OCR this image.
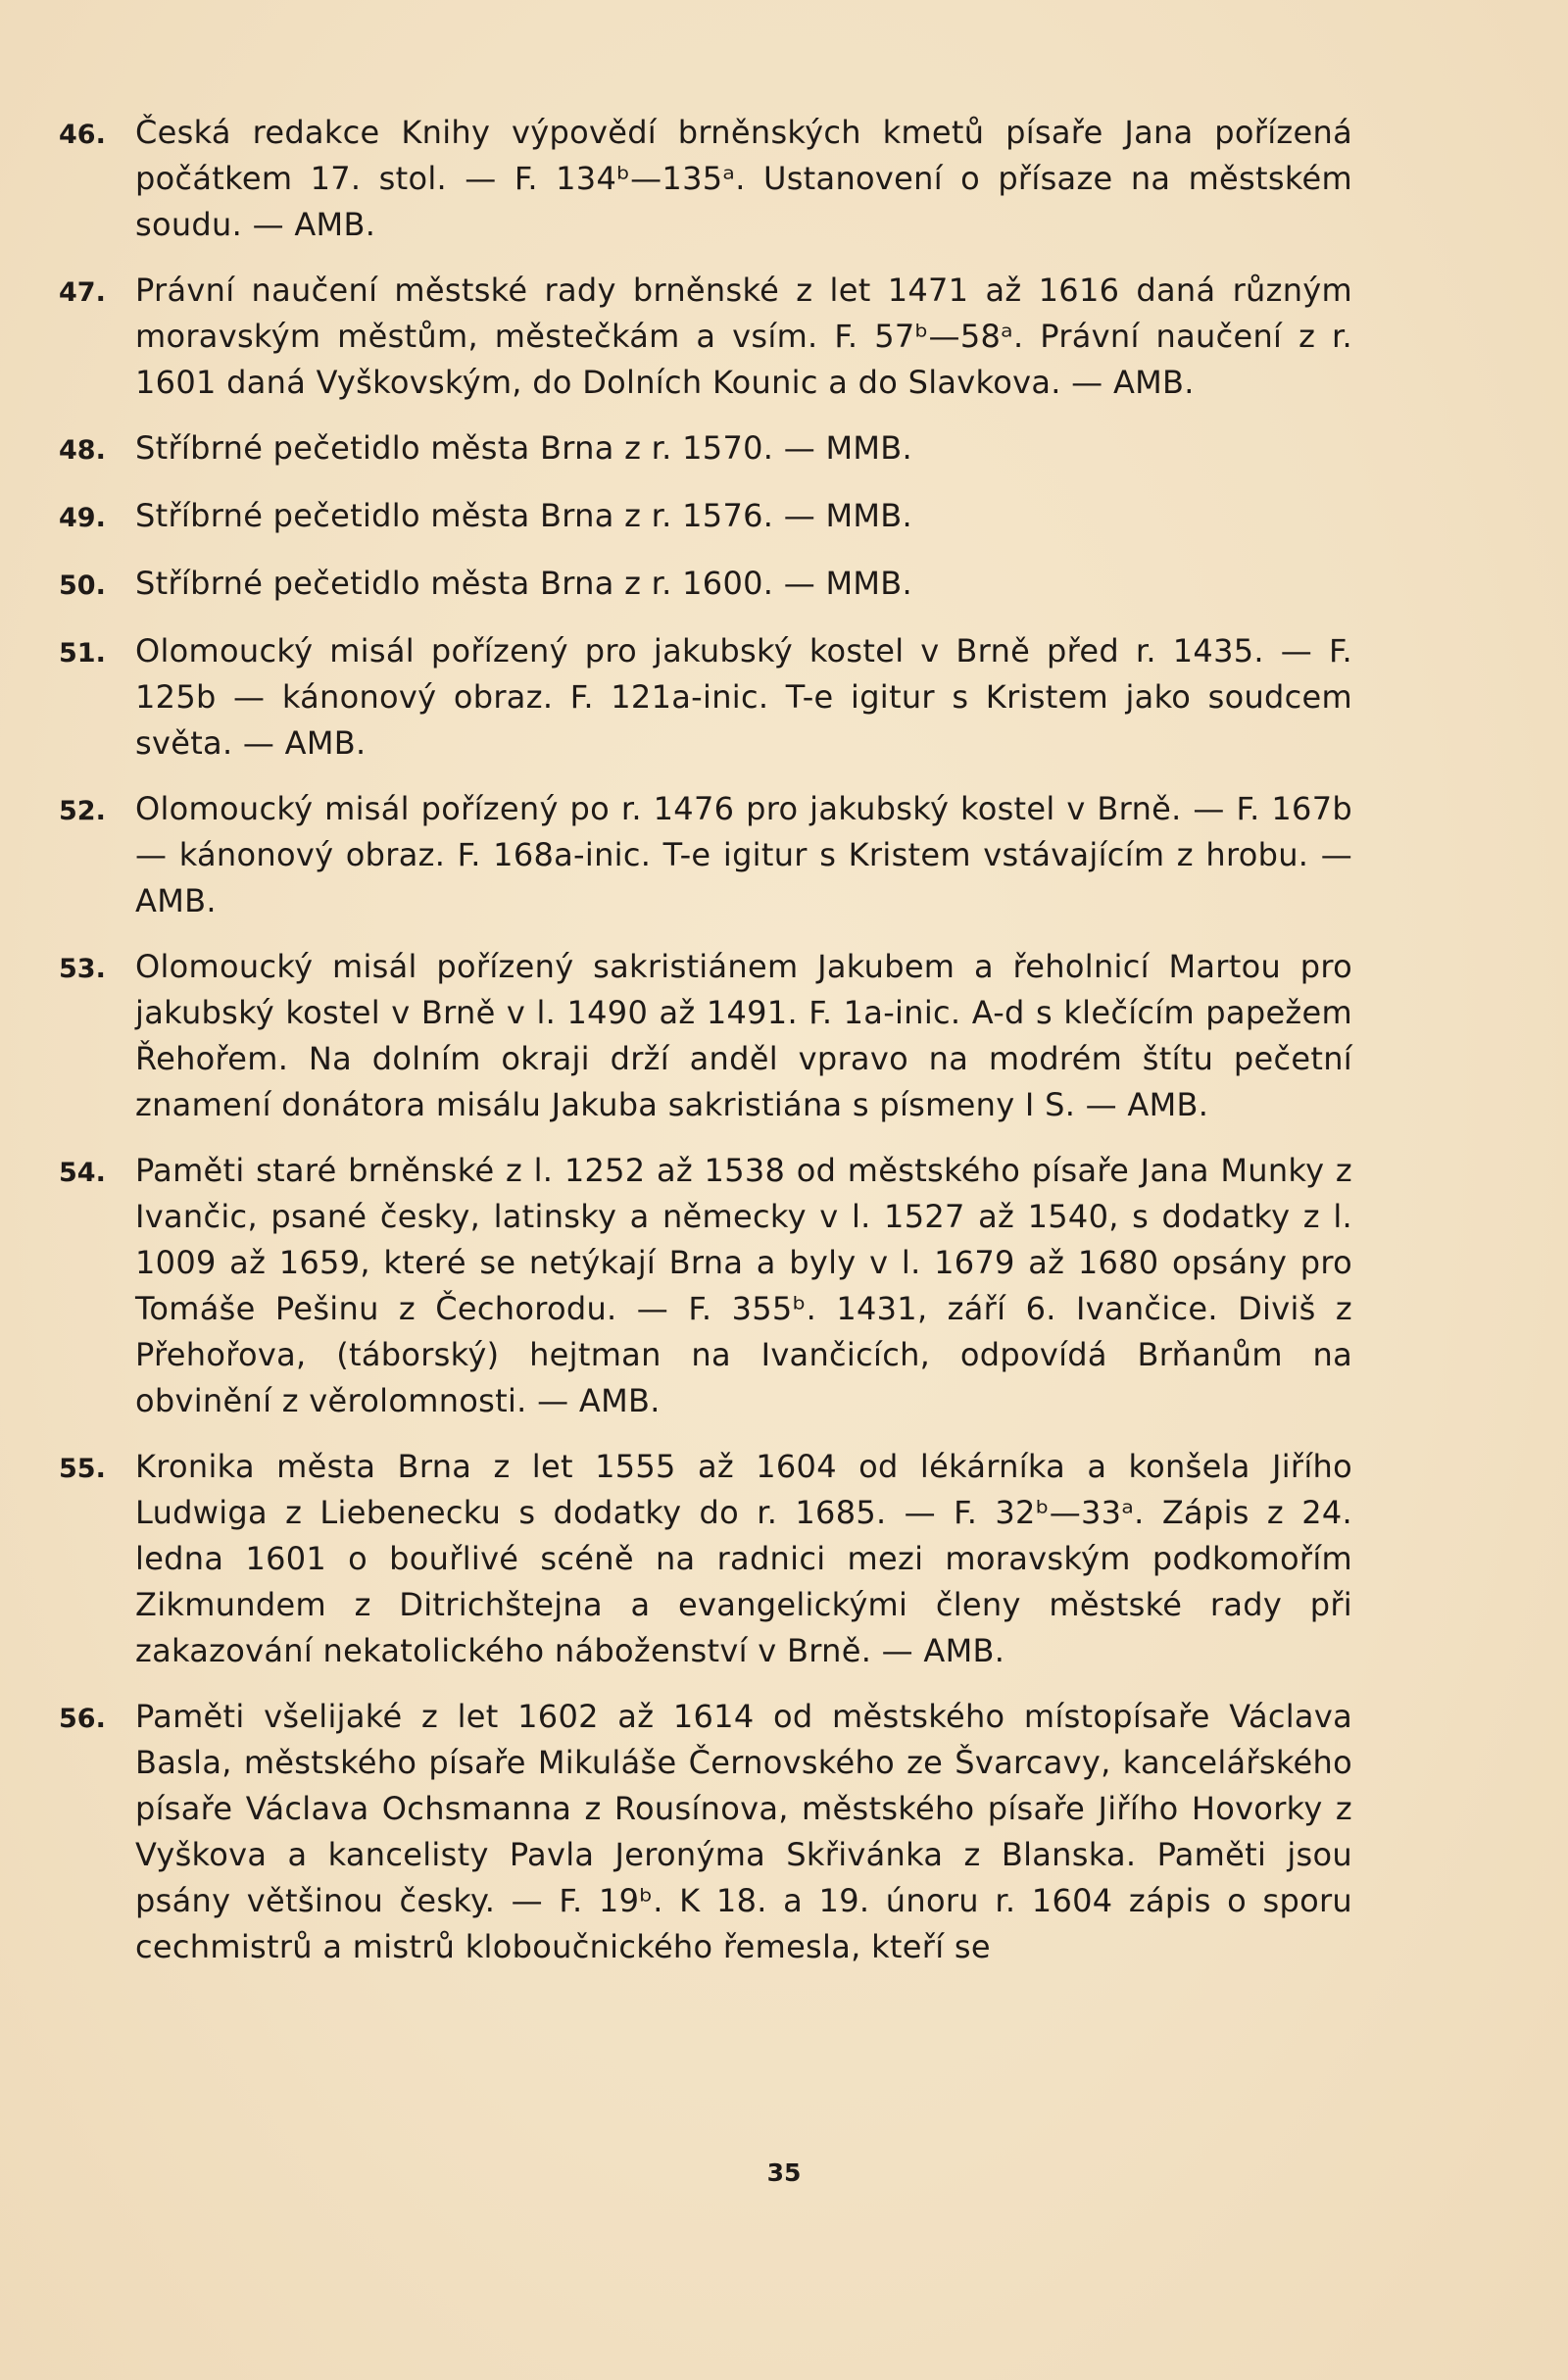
46. Česká redakce Knihy výpovědí brněnských kmetů písaře Jana pořízená počátkem 17. stol. — F. 134ᵇ—135ᵃ. Ustanovení o přísaze na městském soudu. — AMB.
47. Právní naučení městské rady brněnské z let 1471 až 1616 daná různým moravským městům, městečkám a vsím. F. 57ᵇ—58ᵃ. Právní naučení z r. 1601 daná Vyškovským, do Dolních Kounic a do Slavkova. — AMB.
48. Stříbrné pečetidlo města Brna z r. 1570. — MMB.
49. Stříbrné pečetidlo města Brna z r. 1576. — MMB.
50. Stříbrné pečetidlo města Brna z r. 1600. — MMB.
51. Olomoucký misál pořízený pro jakubský kostel v Brně před r. 1435. — F. 125b — kánonový obraz. F. 121a-inic. T-e igitur s Kristem jako soudcem světa. — AMB.
52. Olomoucký misál pořízený po r. 1476 pro jakubský kostel v Brně. — F. 167b — kánonový obraz. F. 168a-inic. T-e igitur s Kristem vstávajícím z hrobu. — AMB.
53. Olomoucký misál pořízený sakristiánem Jakubem a řeholnicí Martou pro jakubský kostel v Brně v l. 1490 až 1491. F. 1a-inic. A-d s klečícím papežem Řehořem. Na dolním okraji drží anděl vpravo na modrém štítu pečetní znamení donátora misálu Jakuba sakristiána s písmeny I S. — AMB.
54. Paměti staré brněnské z l. 1252 až 1538 od městského písaře Jana Munky z Ivančic, psané česky, latinsky a německy v l. 1527 až 1540, s dodatky z l. 1009 až 1659, které se netýkají Brna a byly v l. 1679 až 1680 opsány pro Tomáše Pešinu z Čechorodu. — F. 355ᵇ. 1431, září 6. Ivančice. Diviš z Přehořova, (táborský) hejtman na Ivančicích, odpovídá Brňanům na obvinění z věrolomnosti. — AMB.
55. Kronika města Brna z let 1555 až 1604 od lékárníka a konšela Jiřího Ludwiga z Liebenecku s dodatky do r. 1685. — F. 32ᵇ—33ᵃ. Zápis z 24. ledna 1601 o bouřlivé scéně na radnici mezi moravským podkomořím Zikmundem z Ditrichštejna a evangelickými členy městské rady při zakazování nekatolického náboženství v Brně. — AMB.
56. Paměti všelijaké z let 1602 až 1614 od městského místopísaře Václava Basla, městského písaře Mikuláše Černovského ze Švarcavy, kancelářského písaře Václava Ochsmanna z Rousínova, městského písaře Jiřího Hovorky z Vyškova a kancelisty Pavla Jeronýma Skřivánka z Blanska. Paměti jsou psány většinou česky. — F. 19ᵇ. K 18. a 19. únoru r. 1604 zápis o sporu cechmistrů a mistrů kloboučnického řemesla, kteří se
35
